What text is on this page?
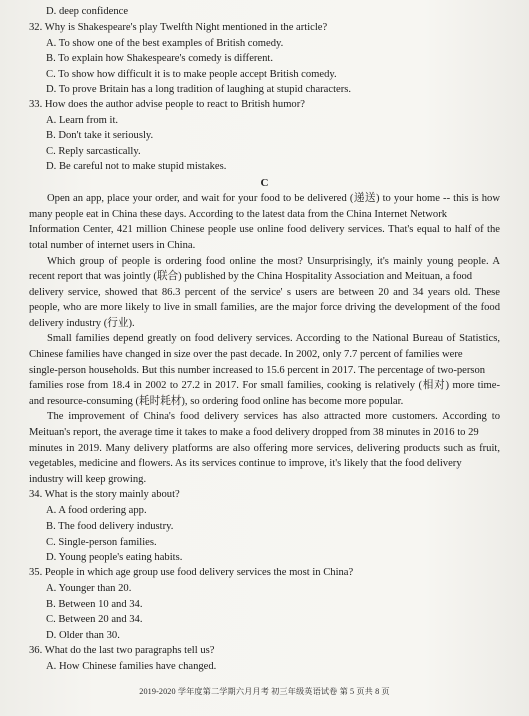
D. deep confidence
32. Why is Shakespeare's play Twelfth Night mentioned in the article?
A. To show one of the best examples of British comedy.
B. To explain how Shakespeare's comedy is different.
C. To show how difficult it is to make people accept British comedy.
D. To prove Britain has a long tradition of laughing at stupid characters.
33. How does the author advise people to react to British humor?
A. Learn from it.
B. Don't take it seriously.
C. Reply sarcastically.
D. Be careful not to make stupid mistakes.
C
Open an app, place your order, and wait for your food to be delivered (递送) to your home -- this is how
many people eat in China these days. According to the latest data from the China Internet Network
Information Center, 421 million Chinese people use online food delivery services. That's equal to half of the
total number of internet users in China.
Which group of people is ordering food online the most? Unsurprisingly, it's mainly young people. A
recent report that was jointly (联合) published by the China Hospitality Association and Meituan, a food
delivery service, showed that 86.3 percent of the service' s users are between 20 and 34 years old. These
people, who are more likely to live in small families, are the major force driving the development of the food
delivery industry (行业).
Small families depend greatly on food delivery services. According to the National Bureau of Statistics,
Chinese families have changed in size over the past decade. In 2002, only 7.7 percent of families were
single-person households. But this number increased to 15.6 percent in 2017. The percentage of two-person
families rose from 18.4 in 2002 to 27.2 in 2017. For small families, cooking is relatively (相对) more time-
and resource-consuming (耗时耗材), so ordering food online has become more popular.
The improvement of China's food delivery services has also attracted more customers. According to
Meituan's report, the average time it takes to make a food delivery dropped from 38 minutes in 2016 to 29
minutes in 2019. Many delivery platforms are also offering more services, delivering products such as fruit,
vegetables, medicine and flowers. As its services continue to improve, it's likely that the food delivery
industry will keep growing.
34. What is the story mainly about?
A. A food ordering app.
B. The food delivery industry.
C. Single-person families.
D. Young people's eating habits.
35. People in which age group use food delivery services the most in China?
A. Younger than 20.
B. Between 10 and 34.
C. Between 20 and 34.
D. Older than 30.
36. What do the last two paragraphs tell us?
A. How Chinese families have changed.
2019-2020 学年度第二学期六月月考 初三年级英语试卷 第 5 页共 8 页
